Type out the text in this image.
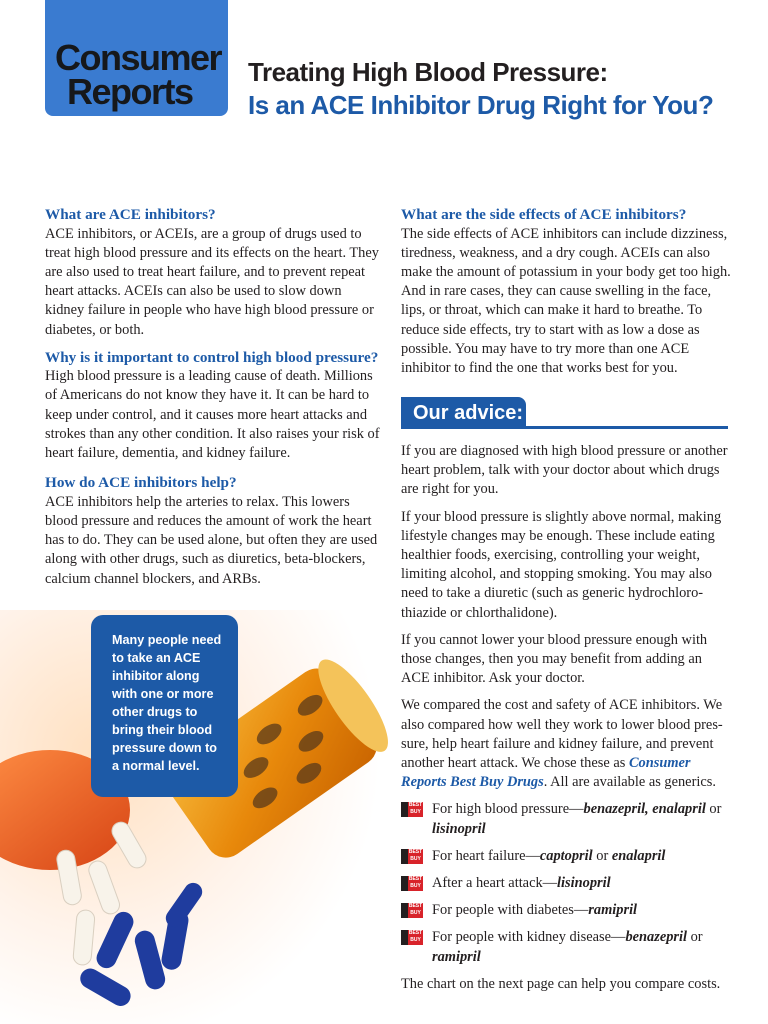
Consumer
Reports Treating High Blood Pressure:
Is an ACE Inhibitor Drug Right for You?
What are ACE inhibitors?

ACE inhibitors, or ACEIs, are a group of drugs used to treat high blood pressure and its effects on the heart. They are also used to treat heart failure, and to prevent repeat heart attacks. ACEIs can also be used to slow down kidney failure in people who have high blood pressure or diabetes, or both.

Why is it important to control high blood pressure?

High blood pressure is a leading cause of death. Millions of Americans do not know they have it. It can be hard to keep under control, and it causes more heart attacks and strokes than any other condition. It also raises your risk of heart failure, dementia, and kidney failure.

How do ACE inhibitors help?

ACE inhibitors help the arteries to relax. This lowers blood pressure and reduces the amount of work the heart has to do. They can be used alone, but often they are used along with other drugs, such as diuretics, beta-blockers, calcium channel blockers, and ARBs.

Many people need to take an ACE inhibitor along with one or more other drugs to bring their blood pressure down to a normal level.
What are the side effects of ACE inhibitors?

The side effects of ACE inhibitors can include dizziness, tiredness, weakness, and a dry cough. ACEIs can also make the amount of potassium in your body get too high. And in rare cases, they can cause swelling in the face, lips, or throat, which can make it hard to breathe. To reduce side effects, try to start with as low a dose as possible. You may have to try more than one ACE inhibitor to find the one that works best for you.

Our advice:

If you are diagnosed with high blood pressure or another heart problem, talk with your doctor about which drugs are right for you.

If your blood pressure is slightly above normal, making lifestyle changes may be enough. These include eating healthier foods, exercising, controlling your weight, limiting alcohol, and stopping smoking. You may also need to take a diuretic (such as generic hydrochloro-thiazide or chlorthalidone).

If you cannot lower your blood pressure enough with those changes, then you may benefit from adding an ACE inhibitor. Ask your doctor.

We compared the cost and safety of ACE inhibitors. We also compared how well they work to lower blood pres-sure, help heart failure and kidney failure, and prevent another heart attack. We chose these as Consumer Reports Best Buy Drugs. All are available as generics.

BEST BUY For high blood pressure—benazepril, enalapril or lisinopril
BEST BUY For heart failure—captopril or enalapril
BEST BUY After a heart attack—lisinopril
BEST BUY For people with diabetes—ramipril
BEST BUY For people with kidney disease—benazepril or ramipril

The chart on the next page can help you compare costs.
